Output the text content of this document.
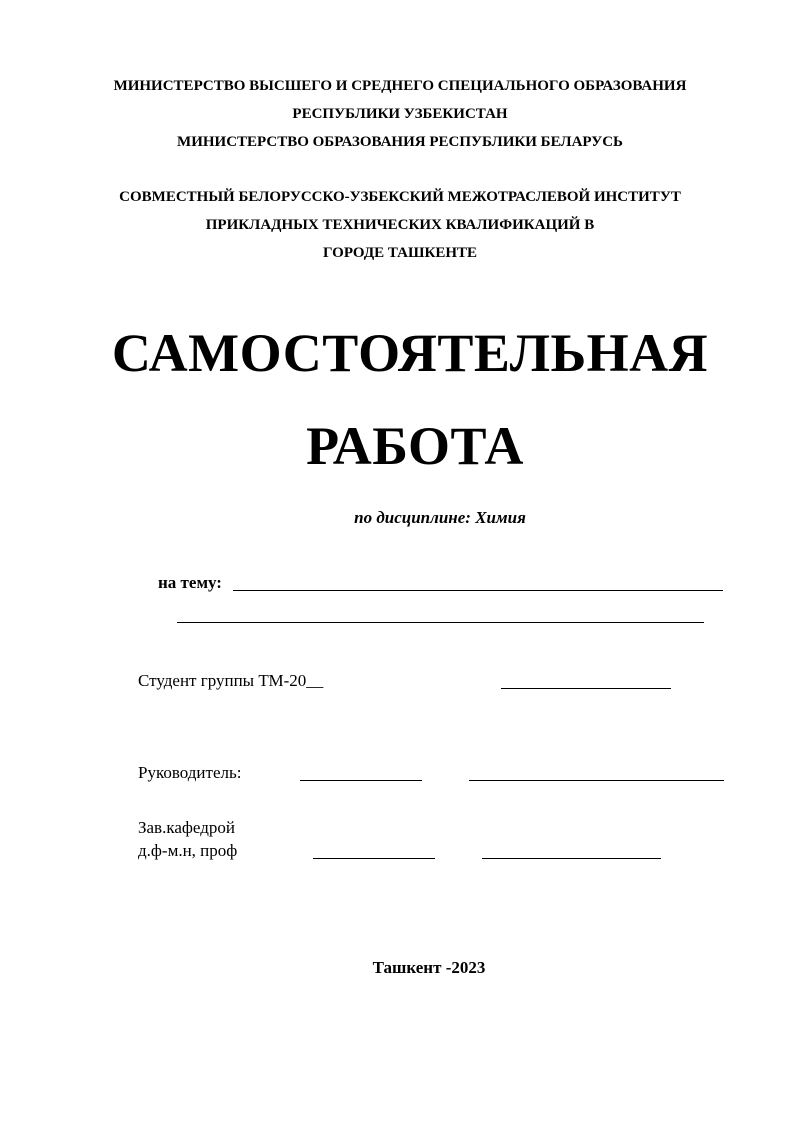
МИНИСТЕРСТВО ВЫСШЕГО И СРЕДНЕГО СПЕЦИАЛЬНОГО ОБРАЗОВАНИЯ
РЕСПУБЛИКИ УЗБЕКИСТАН
МИНИСТЕРСТВО ОБРАЗОВАНИЯ РЕСПУБЛИКИ БЕЛАРУСЬ
СОВМЕСТНЫЙ БЕЛОРУССКО-УЗБЕКСКИЙ МЕЖОТРАСЛЕВОЙ ИНСТИТУТ
ПРИКЛАДНЫХ ТЕХНИЧЕСКИХ КВАЛИФИКАЦИЙ В
ГОРОДЕ ТАШКЕНТЕ
САМОСТОЯТЕЛЬНАЯ
РАБОТА
по дисциплине: Химия
на тему:
Студент группы ТМ-20__
Руководитель:
Зав.кафедрой
д.ф-м.н, проф
Ташкент -2023
